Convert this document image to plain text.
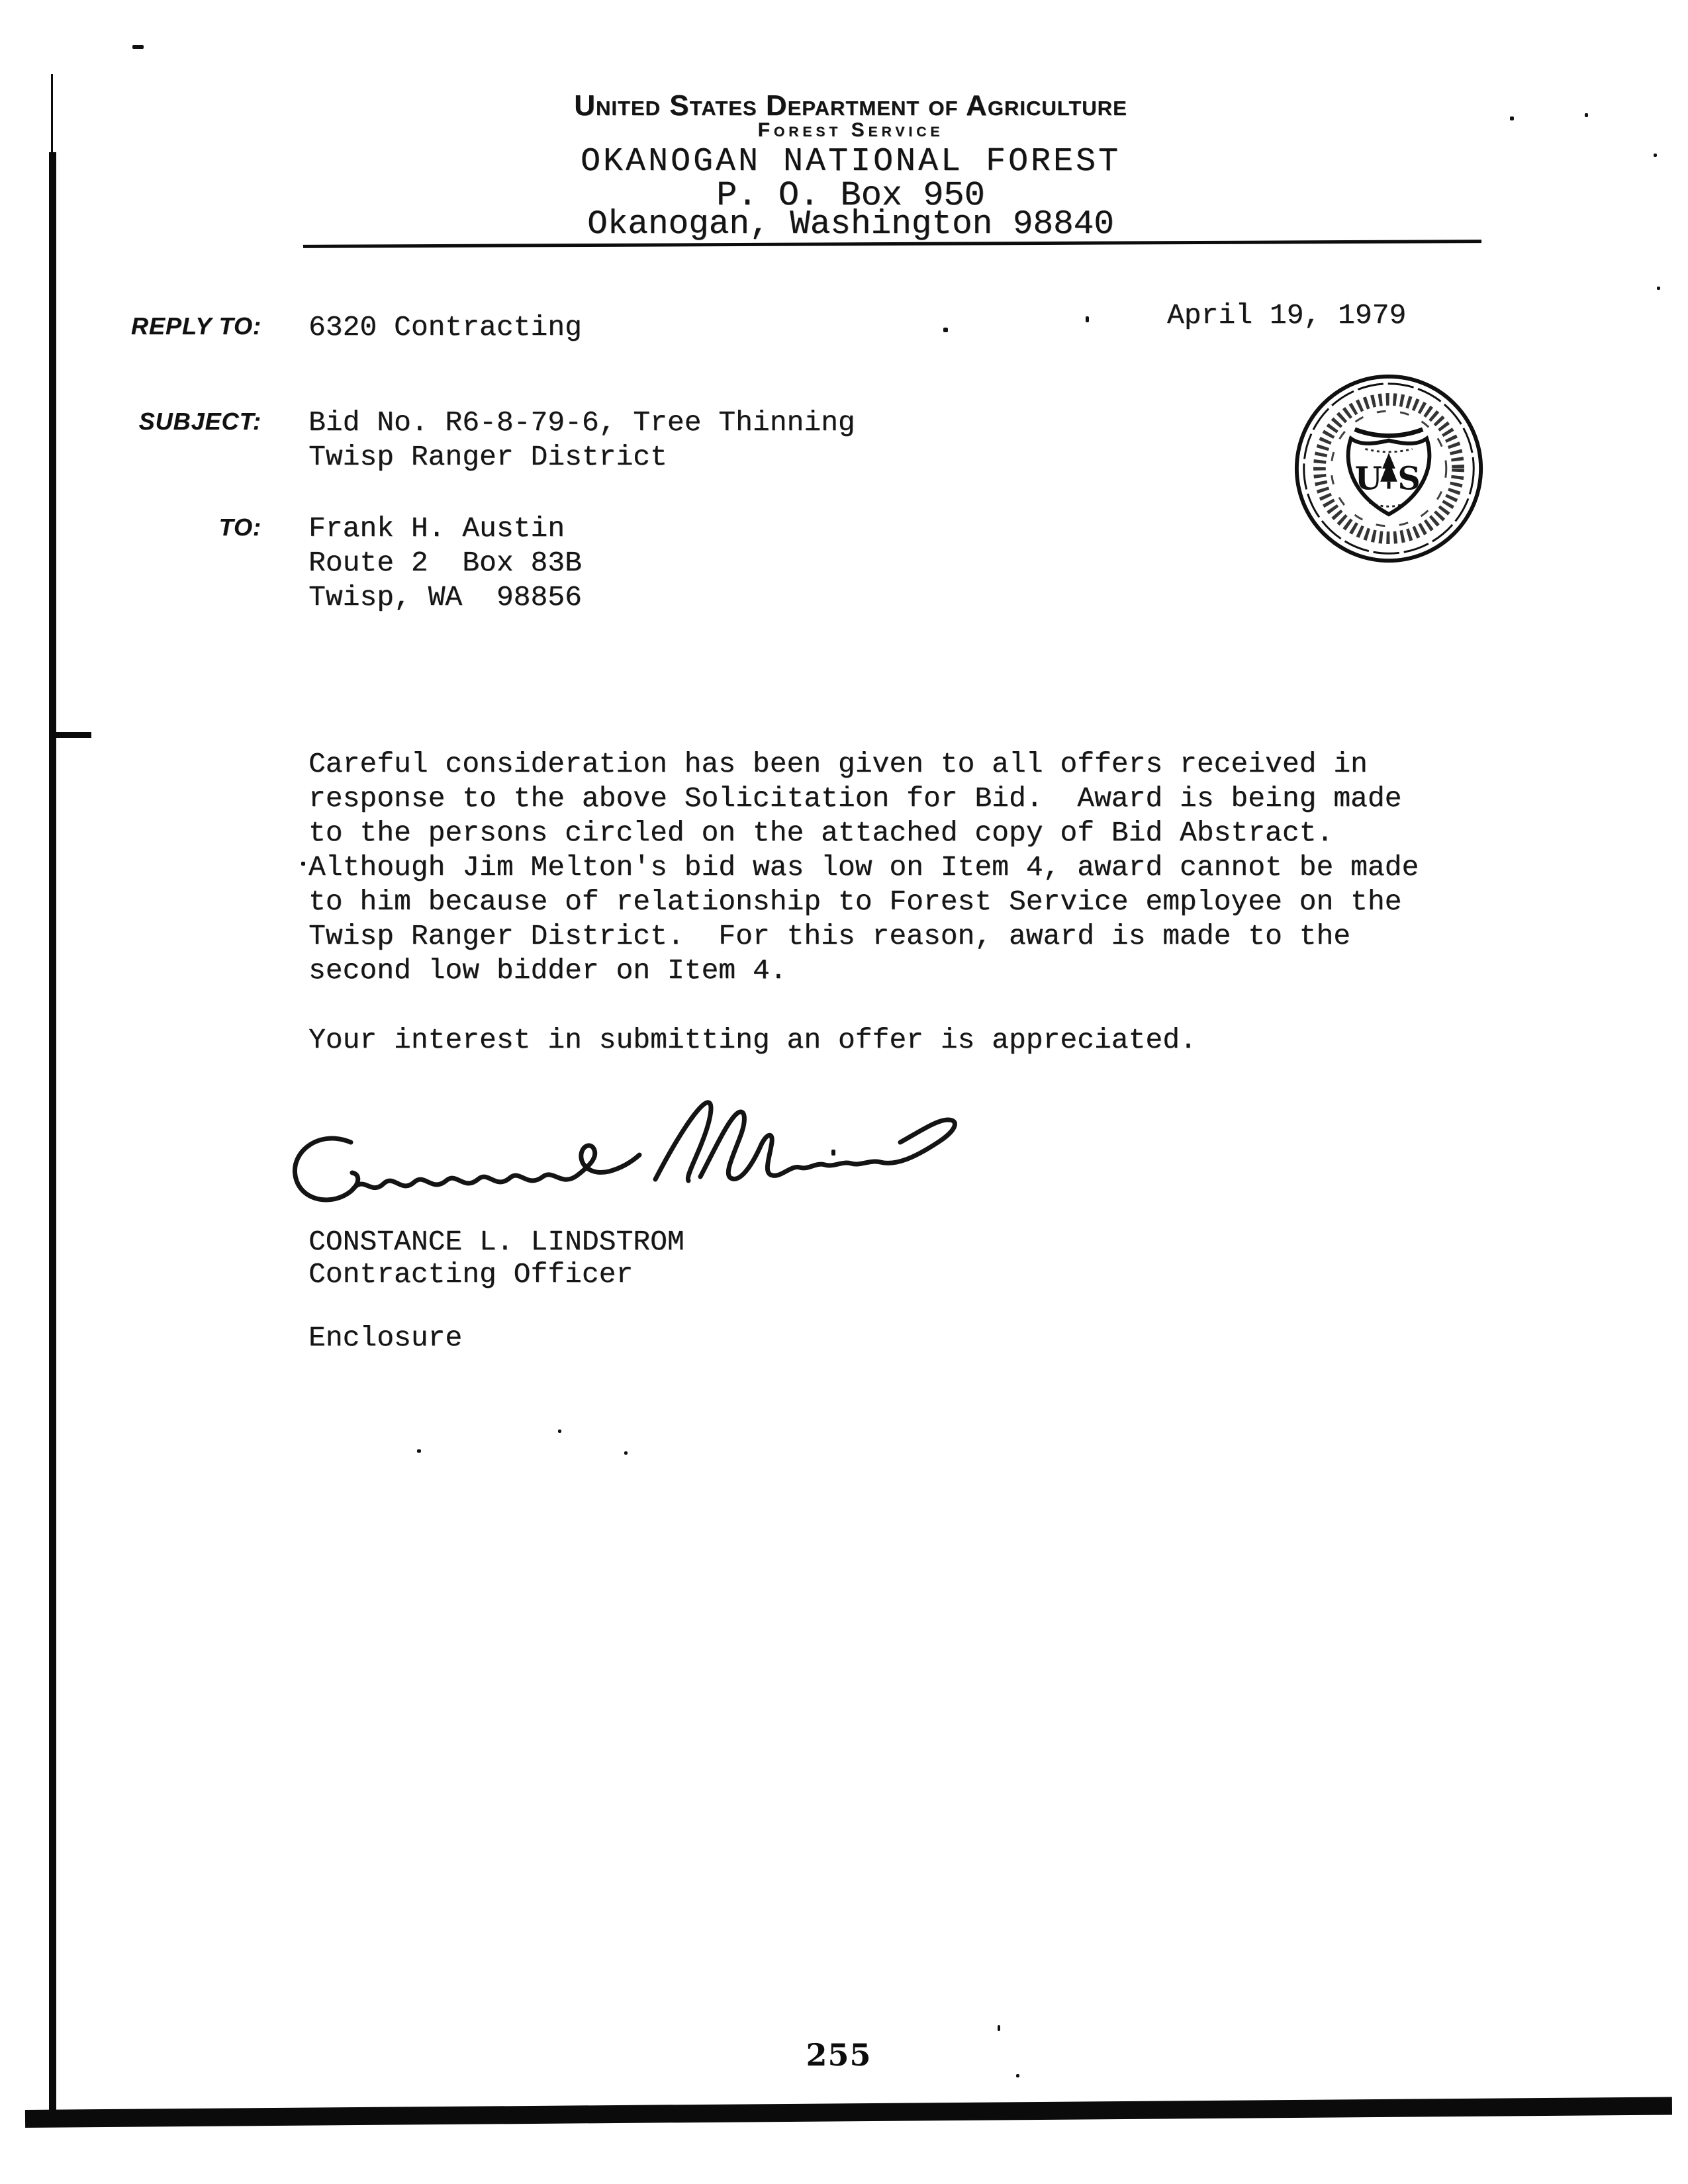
United States Department of Agriculture
Forest Service
OKANOGAN NATIONAL FOREST
P. O. Box 950
Okanogan, Washington 98840
REPLY TO: 6320 Contracting	April 19, 1979
SUBJECT: Bid No. R6-8-79-6, Tree Thinning
Twisp Ranger District
TO: Frank H. Austin
Route 2  Box 83B
Twisp, WA  98856
U S
Careful consideration has been given to all offers received in
response to the above Solicitation for Bid.  Award is being made
to the persons circled on the attached copy of Bid Abstract.
Although Jim Melton's bid was low on Item 4, award cannot be made
to him because of relationship to Forest Service employee on the
Twisp Ranger District.  For this reason, award is made to the
second low bidder on Item 4.
Your interest in submitting an offer is appreciated.
CONSTANCE L. LINDSTROM
Contracting Officer
Enclosure
255
